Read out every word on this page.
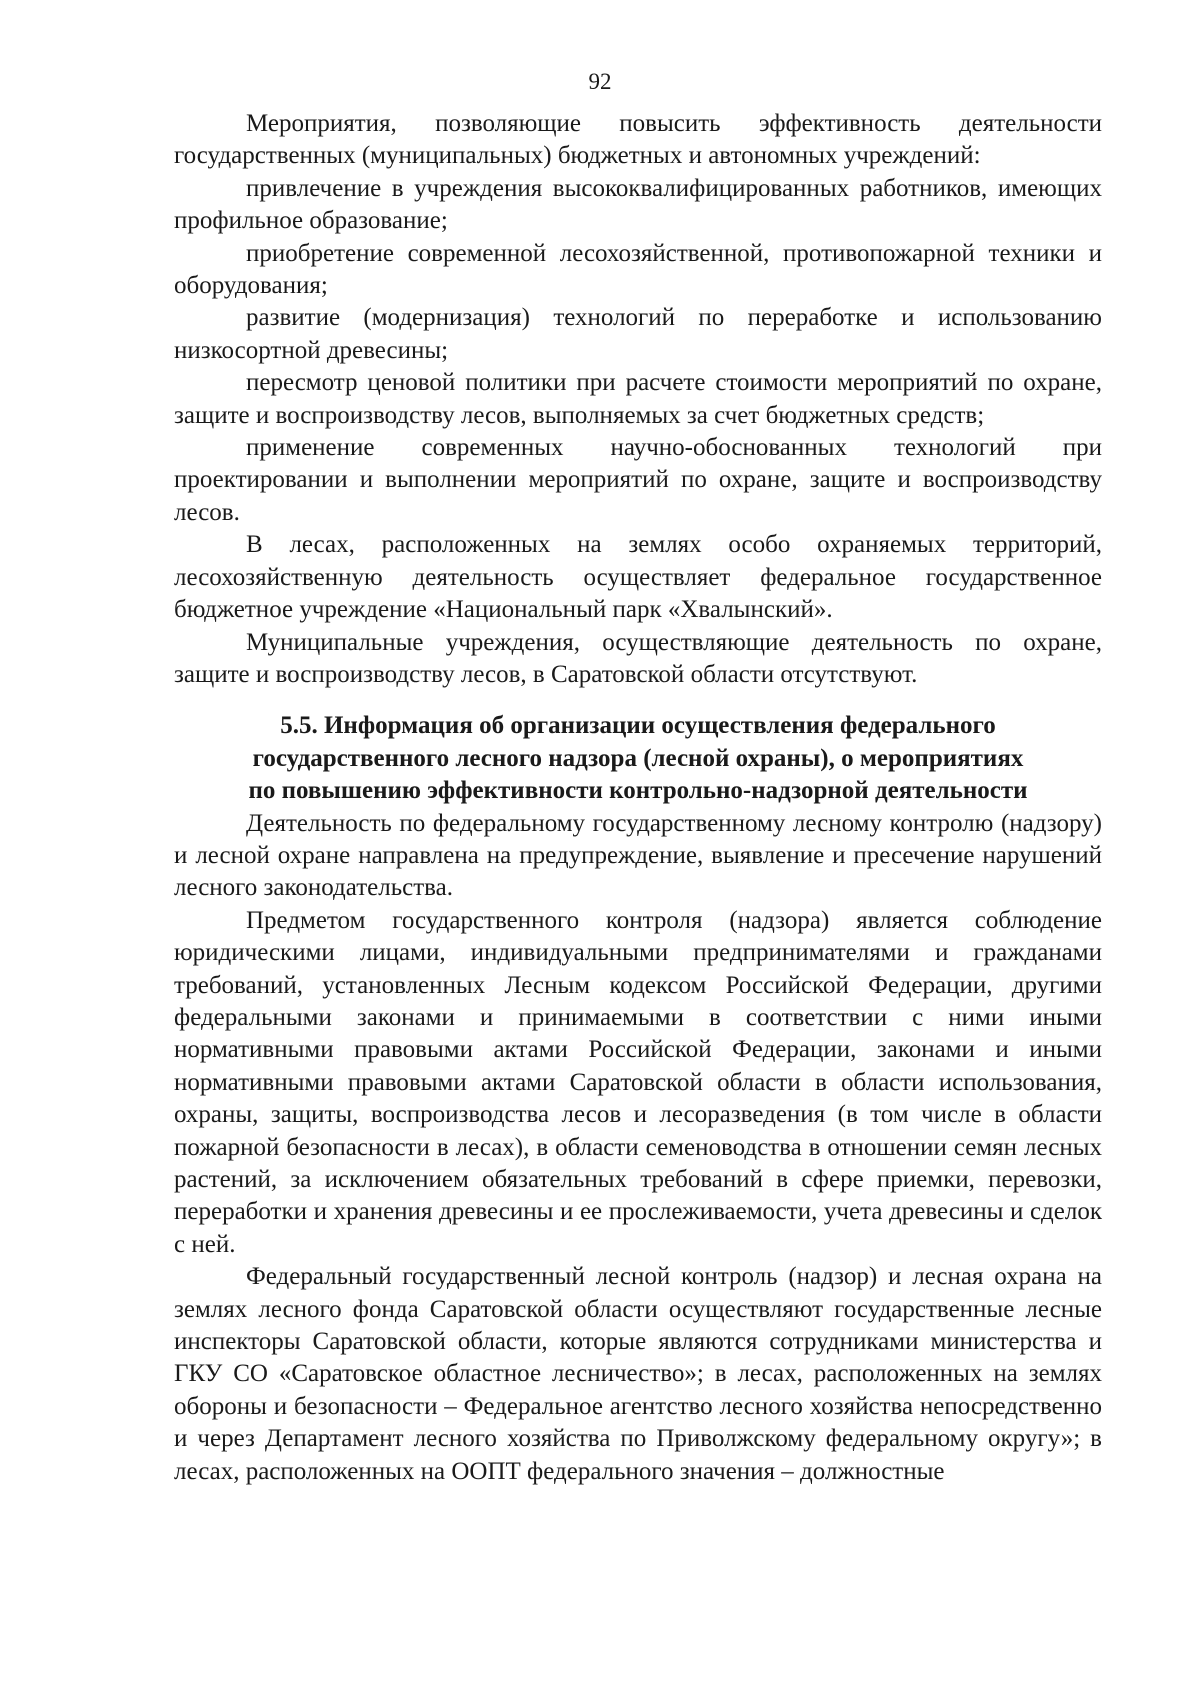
92

Мероприятия, позволяющие повысить эффективность деятельности государственных (муниципальных) бюджетных и автономных учреждений:

привлечение в учреждения высококвалифицированных работников, имеющих профильное образование;

приобретение современной лесохозяйственной, противопожарной техники и оборудования;

развитие (модернизация) технологий по переработке и использованию низкосортной древесины;

пересмотр ценовой политики при расчете стоимости мероприятий по охране, защите и воспроизводству лесов, выполняемых за счет бюджетных средств;

применение современных научно-обоснованных технологий при проектировании и выполнении мероприятий по охране, защите и воспроизводству лесов.

В лесах, расположенных на землях особо охраняемых территорий, лесохозяйственную деятельность осуществляет федеральное государственное бюджетное учреждение «Национальный парк «Хвалынский».

Муниципальные учреждения, осуществляющие деятельность по охране, защите и воспроизводству лесов, в Саратовской области отсутствуют.

5.5. Информация об организации осуществления федерального
государственного лесного надзора (лесной охраны), о мероприятиях
по повышению эффективности контрольно-надзорной деятельности

Деятельность по федеральному государственному лесному контролю (надзору) и лесной охране направлена на предупреждение, выявление и пресечение нарушений лесного законодательства.

Предметом государственного контроля (надзора) является соблюдение юридическими лицами, индивидуальными предпринимателями и гражданами требований, установленных Лесным кодексом Российской Федерации, другими федеральными законами и принимаемыми в соответствии с ними иными нормативными правовыми актами Российской Федерации, законами и иными нормативными правовыми актами Саратовской области в области использования, охраны, защиты, воспроизводства лесов и лесоразведения (в том числе в области пожарной безопасности в лесах), в области семеноводства в отношении семян лесных растений, за исключением обязательных требований в сфере приемки, перевозки, переработки и хранения древесины и ее прослеживаемости, учета древесины и сделок с ней.

Федеральный государственный лесной контроль (надзор) и лесная охрана на землях лесного фонда Саратовской области осуществляют государственные лесные инспекторы Саратовской области, которые являются сотрудниками министерства и ГКУ СО «Саратовское областное лесничество»; в лесах, расположенных на землях обороны и безопасности – Федеральное агентство лесного хозяйства непосредственно и через Департамент лесного хозяйства по Приволжскому федеральному округу»; в лесах, расположенных на ООПТ федерального значения – должностные
